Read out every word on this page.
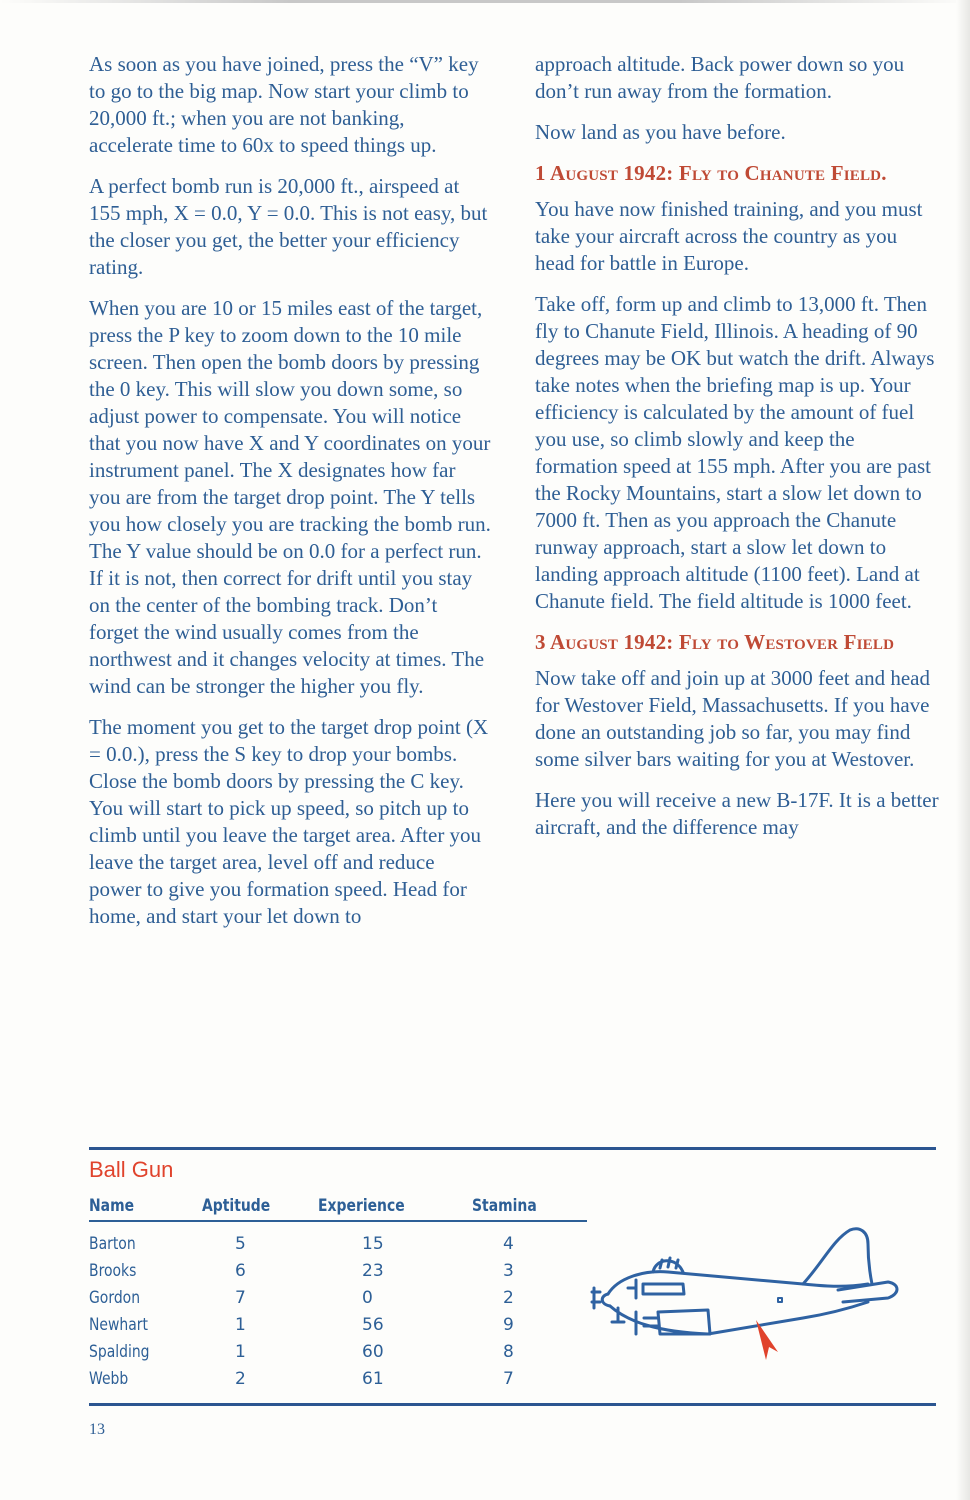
As soon as you have joined, press the “V” key to go to the big map. Now start your climb to 20,000 ft.; when you are not banking, accelerate time to 60x to speed things up.

A perfect bomb run is 20,000 ft., airspeed at 155 mph, X = 0.0, Y = 0.0. This is not easy, but the closer you get, the better your efficiency rating.

When you are 10 or 15 miles east of the target, press the P key to zoom down to the 10 mile screen. Then open the bomb doors by pressing the 0 key. This will slow you down some, so adjust power to compensate. You will notice that you now have X and Y coordinates on your instrument panel. The X designates how far you are from the target drop point. The Y tells you how closely you are tracking the bomb run. The Y value should be on 0.0 for a perfect run. If it is not, then correct for drift until you stay on the center of the bombing track. Don’t forget the wind usually comes from the northwest and it changes velocity at times. The wind can be stronger the higher you fly.

The moment you get to the target drop point (X = 0.0.), press the S key to drop your bombs. Close the bomb doors by pressing the C key. You will start to pick up speed, so pitch up to climb until you leave the target area. After you leave the target area, level off and reduce power to give you formation speed. Head for home, and start your let down to

approach altitude. Back power down so you don’t run away from the formation.

Now land as you have before.

1 August 1942: Fly to Chanute Field.

You have now finished training, and you must take your aircraft across the country as you head for battle in Europe.

Take off, form up and climb to 13,000 ft. Then fly to Chanute Field, Illinois. A heading of 90 degrees may be OK but watch the drift. Always take notes when the briefing map is up. Your efficiency is calculated by the amount of fuel you use, so climb slowly and keep the formation speed at 155 mph. After you are past the Rocky Mountains, start a slow let down to 7000 ft. Then as you approach the Chanute runway approach, start a slow let down to landing approach altitude (1100 feet). Land at Chanute field. The field altitude is 1000 feet.

3 August 1942: Fly to Westover Field

Now take off and join up at 3000 feet and head for Westover Field, Massachusetts. If you have done an outstanding job so far, you may find some silver bars waiting for you at Westover.

Here you will receive a new B-17F. It is a better aircraft, and the difference may

Ball Gun
Name	Aptitude	Experience	Stamina
Barton	5	15	4
Brooks	6	23	3
Gordon	7	0	2
Newhart	1	56	9
Spalding	1	60	8
Webb	2	61	7
13
